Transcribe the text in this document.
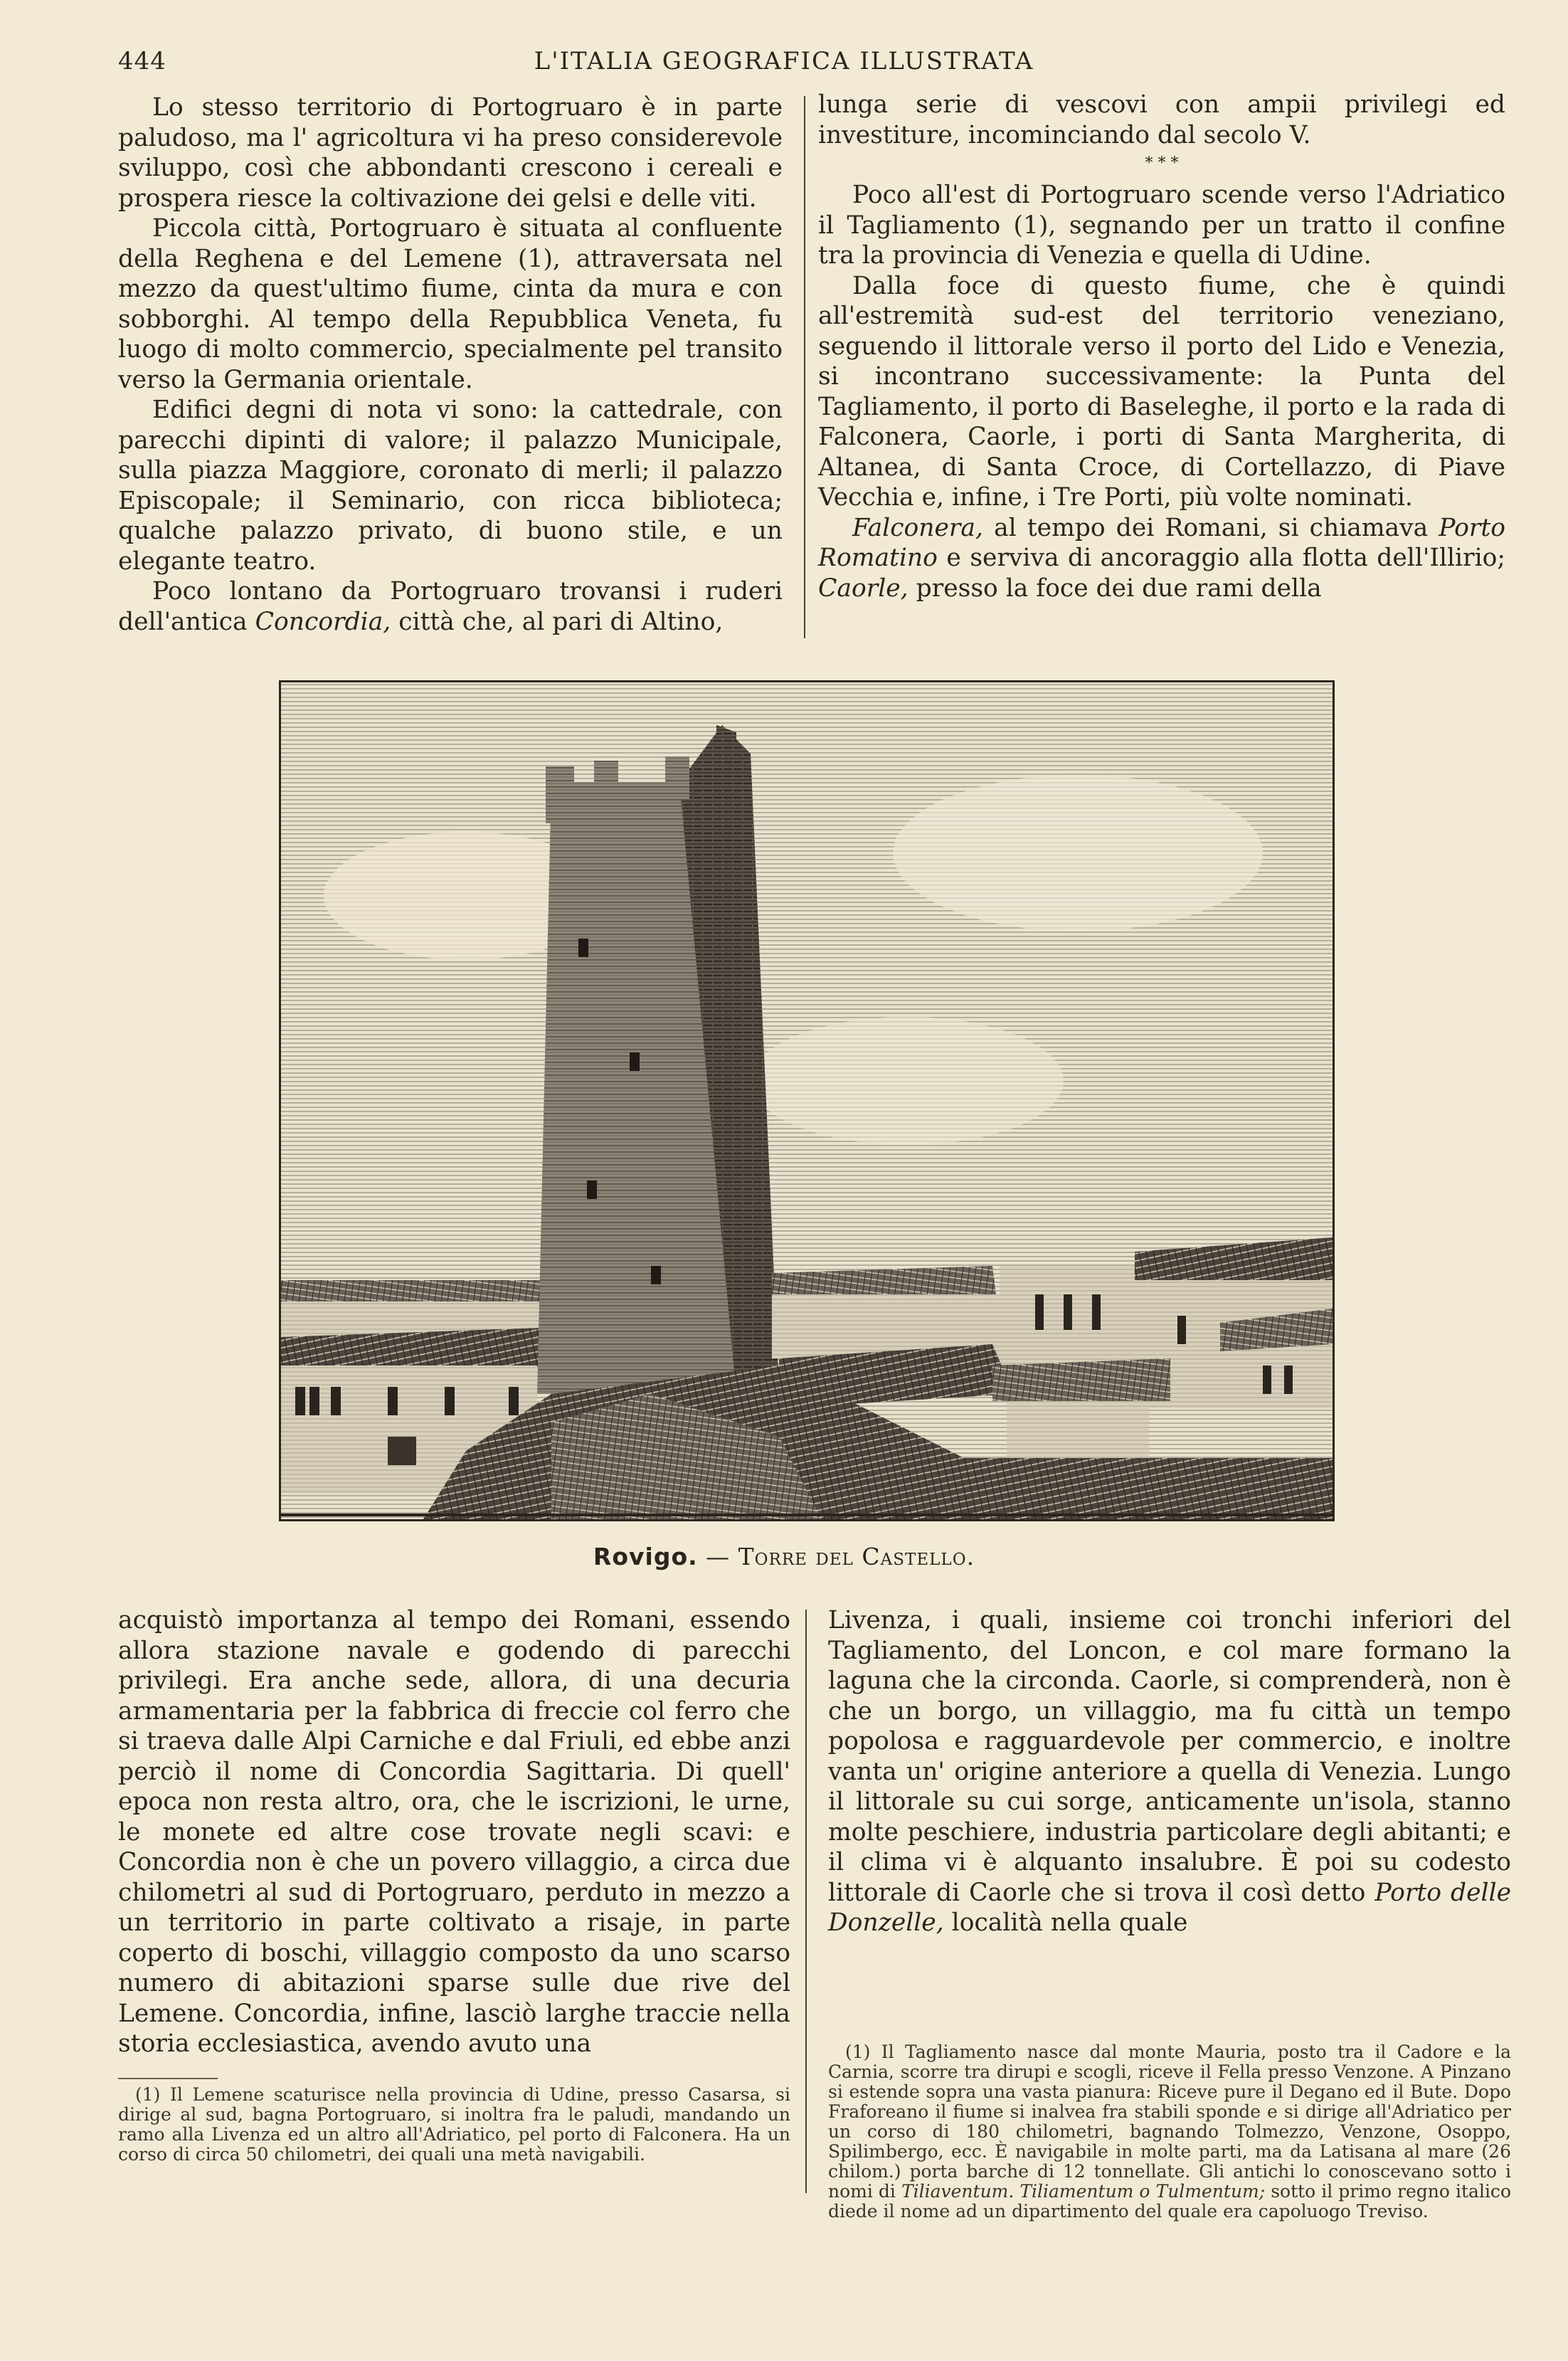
444	L'ITALIA GEOGRAFICA ILLUSTRATA

Lo stesso territorio di Portogruaro è in parte paludoso, ma l' agricoltura vi ha preso considerevole sviluppo, così che abbondanti crescono i cereali e prospera riesce la coltivazione dei gelsi e delle viti.

Piccola città, Portogruaro è situata al confluente della Reghena e del Lemene (1), attraversata nel mezzo da quest'ultimo fiume, cinta da mura e con sobborghi. Al tempo della Repubblica Veneta, fu luogo di molto commercio, specialmente pel transito verso la Germania orientale.

Edifici degni di nota vi sono: la cattedrale, con parecchi dipinti di valore; il palazzo Municipale, sulla piazza Maggiore, coronato di merli; il palazzo Episcopale; il Seminario, con ricca biblioteca; qualche palazzo privato, di buono stile, e un elegante teatro.

Poco lontano da Portogruaro trovansi i ruderi dell'antica Concordia, città che, al pari di Altino,

lunga serie di vescovi con ampii privilegi ed investiture, incominciando dal secolo V.

* * *

Poco all'est di Portogruaro scende verso l'Adriatico il Tagliamento (1), segnando per un tratto il confine tra la provincia di Venezia e quella di Udine.

Dalla foce di questo fiume, che è quindi all'estremità sud-est del territorio veneziano, seguendo il littorale verso il porto del Lido e Venezia, si incontrano successivamente: la Punta del Tagliamento, il porto di Baseleghe, il porto e la rada di Falconera, Caorle, i porti di Santa Margherita, di Altanea, di Santa Croce, di Cortellazzo, di Piave Vecchia e, infine, i Tre Porti, più volte nominati.

Falconera, al tempo dei Romani, si chiamava Porto Romatino e serviva di ancoraggio alla flotta dell'Illirio; Caorle, presso la foce dei due rami della

Rovigo. — Torre del Castello.

acquistò importanza al tempo dei Romani, essendo allora stazione navale e godendo di parecchi privilegi. Era anche sede, allora, di una decuria armamentaria per la fabbrica di freccie col ferro che si traeva dalle Alpi Carniche e dal Friuli, ed ebbe anzi perciò il nome di Concordia Sagittaria. Di quell' epoca non resta altro, ora, che le iscrizioni, le urne, le monete ed altre cose trovate negli scavi: e Concordia non è che un povero villaggio, a circa due chilometri al sud di Portogruaro, perduto in mezzo a un territorio in parte coltivato a risaje, in parte coperto di boschi, villaggio composto da uno scarso numero di abitazioni sparse sulle due rive del Lemene. Concordia, infine, lasciò larghe traccie nella storia ecclesiastica, avendo avuto una

Livenza, i quali, insieme coi tronchi inferiori del Tagliamento, del Loncon, e col mare formano la laguna che la circonda. Caorle, si comprenderà, non è che un borgo, un villaggio, ma fu città un tempo popolosa e ragguardevole per commercio, e inoltre vanta un' origine anteriore a quella di Venezia. Lungo il littorale su cui sorge, anticamente un'isola, stanno molte peschiere, industria particolare degli abitanti; e il clima vi è alquanto insalubre. È poi su codesto littorale di Caorle che si trova il così detto Porto delle Donzelle, località nella quale

(1) Il Lemene scaturisce nella provincia di Udine, presso Casarsa, si dirige al sud, bagna Portogruaro, si inoltra fra le paludi, mandando un ramo alla Livenza ed un altro all'Adriatico, pel porto di Falconera. Ha un corso di circa 50 chilometri, dei quali una metà navigabili.

(1) Il Tagliamento nasce dal monte Mauria, posto tra il Cadore e la Carnia, scorre tra dirupi e scogli, riceve il Fella presso Venzone. A Pinzano si estende sopra una vasta pianura: Riceve pure il Degano ed il Bute. Dopo Fraforeano il fiume si inalvea fra stabili sponde e si dirige all'Adriatico per un corso di 180 chilometri, bagnando Tolmezzo, Venzone, Osoppo, Spilimbergo, ecc. È navigabile in molte parti, ma da Latisana al mare (26 chilom.) porta barche di 12 tonnellate. Gli antichi lo conoscevano sotto i nomi di Tiliaventum. Tiliamentum o Tulmentum; sotto il primo regno italico diede il nome ad un dipartimento del quale era capoluogo Treviso.
